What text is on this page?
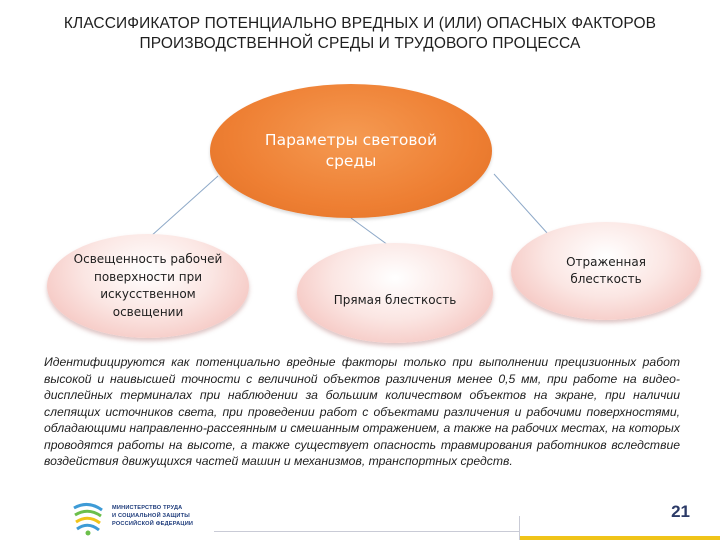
КЛАССИФИКАТОР ПОТЕНЦИАЛЬНО ВРЕДНЫХ И (ИЛИ) ОПАСНЫХ ФАКТОРОВ
ПРОИЗВОДСТВЕННОЙ СРЕДЫ И ТРУДОВОГО ПРОЦЕССА
Параметры световой среды
Освещенность рабочей поверхности при искусственном освещении
Прямая блесткость
Отраженная блесткость

Идентифицируются как потенциально вредные факторы только при выполнении прецизионных работ высокой и наивысшей точности с величиной объектов различения менее 0,5 мм, при работе на видео-дисплейных терминалах при наблюдении за большим количеством объектов на экране, при наличии слепящих источников света, при проведении работ с объектами различения и рабочими поверхностями, обладающими направленно-рассеянным и смешанным отражением, а также на рабочих местах, на которых проводятся работы на высоте, а также существует опасность травмирования работников вследствие воздействия движущихся частей машин и механизмов, транспортных средств.

МИНИСТЕРСТВО ТРУДА
И СОЦИАЛЬНОЙ ЗАЩИТЫ
РОССИЙСКОЙ ФЕДЕРАЦИИ
21
